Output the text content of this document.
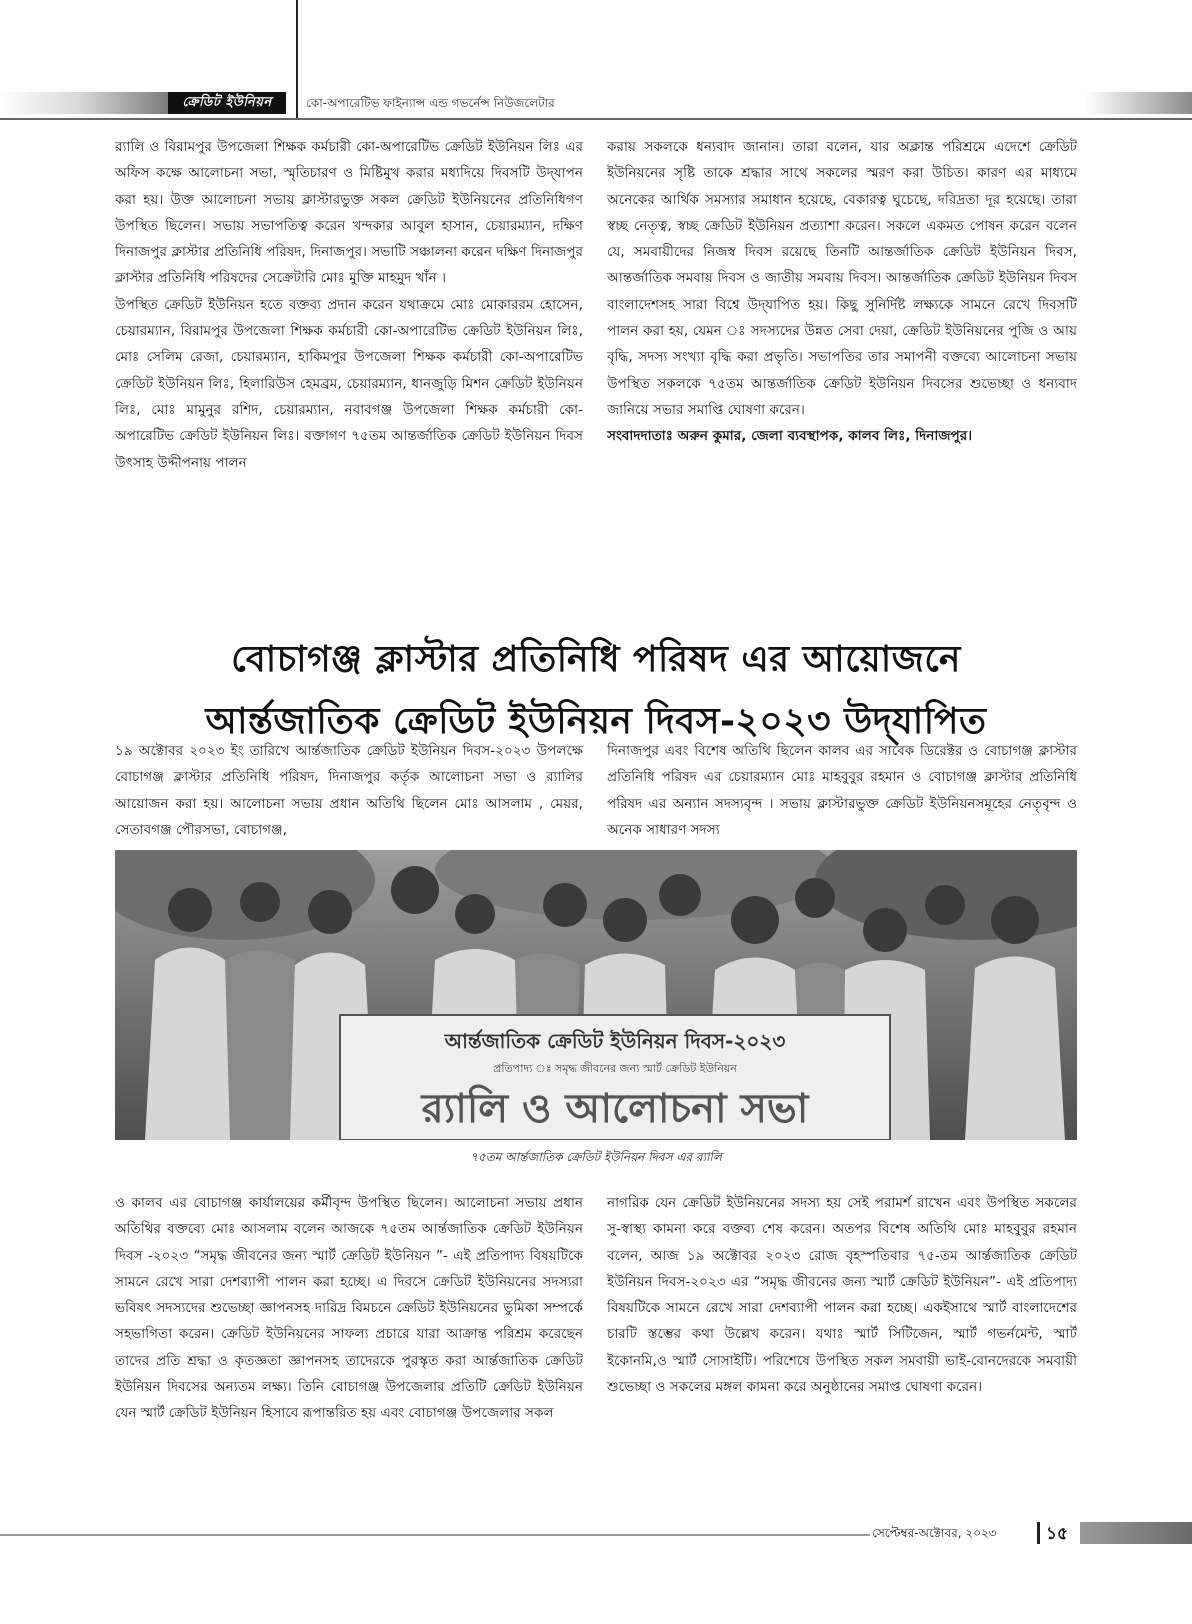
ক্রেডিট ইউনিয়ন	কো-অপারেটিভ ফাইন্যান্স এন্ড গভর্নেন্স নিউজলেটার

র‍্যালি ও বিরামপুর উপজেলা শিক্ষক কর্মচারী কো-অপারেটিভ ক্রেডিট ইউনিয়ন লিঃ এর অফিস কক্ষে আলোচনা সভা, স্মৃতিচারণ ও মিষ্টিমুখ করার মধ্যদিয়ে দিবসটি উদ্‌যাপন করা হয়। উক্ত আলোচনা সভায় ক্লাস্টারভুক্ত সকল ক্রেডিট ইউনিয়নের প্রতিনিধিগণ উপস্থিত ছিলেন। সভায় সভাপতিত্ব করেন খন্দকার আবুল হাসান, চেয়ারম্যান, দক্ষিণ দিনাজপুর ক্লাস্টার প্রতিনিধি পরিষদ, দিনাজপুর। সভাটি সঞ্চালনা করেন দক্ষিণ দিনাজপুর ক্লাস্টার প্রতিনিধি পরিষদের সেক্রেটারি মোঃ মুক্তি মাহমুদ খাঁন ।

উপস্থিত ক্রেডিট ইউনিয়ন হতে বক্তব্য প্রদান করেন যথাক্রমে মোঃ মোকাররম হোসেন, চেয়ারম্যান, বিরামপুর উপজেলা শিক্ষক কর্মচারী কো-অপারেটিভ ক্রেডিট ইউনিয়ন লিঃ, মোঃ সেলিম রেজা, চেয়ারম্যান, হাকিমপুর উপজেলা শিক্ষক কর্মচারী কো-অপারেটিভ ক্রেডিট ইউনিয়ন লিঃ, হিলারিউস হেমব্রম, চেয়ারম্যান, ধানজুড়ি মিশন ক্রেডিট ইউনিয়ন লিঃ, মোঃ মামুনুর রশিদ, চেয়ারম্যান, নবাবগঞ্জ উপজেলা শিক্ষক কর্মচারী কো-অপারেটিভ ক্রেডিট ইউনিয়ন লিঃ। বক্তাগণ ৭৫তম আন্তর্জাতিক ক্রেডিট ইউনিয়ন দিবস উৎসাহ উদ্দীপনায় পালন

করায় সকলকে ধন্যবাদ জানান। তারা বলেন, যার অক্লান্ত পরিশ্রমে এদেশে ক্রেডিট ইউনিয়নের সৃষ্টি তাকে শ্রদ্ধার সাথে সকলের স্মরণ করা উচিত। কারণ এর মাধ্যমে অনেকের আর্থিক সমস্যার সমাধান হয়েছে, বেকারত্ব ঘুচেছে, দরিদ্রতা দূর হয়েছে। তারা স্বচ্ছ নেতৃত্ব, স্বচ্ছ ক্রেডিট ইউনিয়ন প্রত্যাশা করেন। সকলে একমত পোষন করেন বলেন যে, সমবায়ীদের নিজস্ব দিবস রয়েছে তিনটি আন্তর্জাতিক ক্রেডিট ইউনিয়ন দিবস, আন্তর্জাতিক সমবায় দিবস ও জাতীয় সমবায় দিবস। আন্তর্জাতিক ক্রেডিট ইউনিয়ন দিবস বাংলাদেশসহ সারা বিশ্বে উদ্‌যাপিত হয়। কিছু সুনির্দিষ্ট লক্ষ্যকে সামনে রেখে দিবসটি পালন করা হয়, যেমন ঃ সদস্যদের উন্নত সেবা দেয়া, ক্রেডিট ইউনিয়নের পুজি ও আয় বৃদ্ধি, সদস্য সংখ্যা বৃদ্ধি করা প্রভৃতি। সভাপতির তার সমাপনী বক্তব্যে আলোচনা সভায় উপস্থিত সকলকে ৭৫তম আন্তর্জাতিক ক্রেডিট ইউনিয়ন দিবসের শুভেচ্ছা ও ধন্যবাদ জানিয়ে সভার সমাপ্তি ঘোষণা করেন।

সংবাদদাতাঃ অরুন কুমার, জেলা ব্যবস্থাপক, কালব লিঃ, দিনাজপুর।

বোচাগঞ্জ ক্লাস্টার প্রতিনিধি পরিষদ এর আয়োজনে
আর্ন্তজাতিক ক্রেডিট ইউনিয়ন দিবস-২০২৩ উদ্‌যাপিত

১৯ অক্টোবর ২০২৩ ইং তারিখে আর্ন্তজাতিক ক্রেডিট ইউনিয়ন দিবস-২০২৩ উপলক্ষে বোচাগঞ্জ ক্লাস্টার প্রতিনিধি পরিষদ, দিনাজপুর কর্তৃক আলোচনা সভা ও র‍্যালির আয়োজন করা হয়। আলোচনা সভায় প্রধান অতিথি ছিলেন মোঃ আসলাম , মেয়র, সেতাবগঞ্জ পৌরসভা, বোচাগঞ্জ,

দিনাজপুর এবং বিশেষ অতিথি ছিলেন কালব এর সাবেক ডিরেক্টর ও বোচাগঞ্জ ক্লাস্টার প্রতিনিধি পরিষদ এর চেয়ারম্যান মোঃ মাহবুবুর রহমান ও বোচাগঞ্জ ক্লাস্টার প্রতিনিধি পরিষদ এর অন্যান সদস্যবৃন্দ । সভায় ক্লাস্টারভুক্ত ক্রেডিট ইউনিয়নসমূহের নেতৃবৃন্দ ও অনেক সাধারণ সদস্য

আর্ন্তজাতিক ক্রেডিট ইউনিয়ন দিবস-২০২৩
প্রতিপাদ্য ঃ সমৃদ্ধ জীবনের জন্য স্মার্ট ক্রেডিট ইউনিয়ন
র‍্যালি ও আলোচনা সভা
৭৫তম আর্ন্তজাতিক ক্রেডিট ইউনিয়ন দিবস এর র‍্যালি

ও কালব এর বোচাগঞ্জ কার্যালয়ের কর্মীবৃন্দ উপস্থিত ছিলেন। আলোচনা সভায় প্রধান অতিথির বক্তব্যে মোঃ আসলাম বলেন আজকে ৭৫তম আর্ন্তজাতিক ক্রেডিট ইউনিয়ন দিবস -২০২৩ “সমৃদ্ধ জীবনের জন্য স্মার্ট ক্রেডিট ইউনিয়ন ”- এই প্রতিপাদ্য বিষয়টিকে সামনে রেখে সারা দেশব্যাপী পালন করা হচ্ছে। এ দিবসে ক্রেডিট ইউনিয়নের সদস্যরা ভবিষৎ সদস্যদের শুভেচ্ছা জ্ঞাপনসহ দারিদ্র বিমচনে ক্রেডিট ইউনিয়নের ভুমিকা সম্পর্কে সহভাগিতা করেন। ক্রেডিট ইউনিয়নের সাফল্য প্রচারে যারা আক্রান্ত পরিশ্রম করেছেন তাদের প্রতি শ্রদ্ধা ও কৃতজ্ঞতা জ্ঞাপনসহ তাদেরকে পুরস্কৃত করা আর্ন্তজাতিক ক্রেডিট ইউনিয়ন দিবসের অন্যতম লক্ষ্য। তিনি বোচাগঞ্জ উপজেলার প্রতিটি ক্রেডিট ইউনিয়ন যেন স্মার্ট ক্রেডিট ইউনিয়ন হিসাবে রূপান্তরিত হয় এবং বোচাগঞ্জ উপজেলার সকল

নাগরিক যেন ক্রেডিট ইউনিয়নের সদস্য হয় সেই পরামর্শ রাখেন এবং উপস্থিত সকলের সু-স্বাস্থ্য কামনা করে বক্তব্য শেষ করেন। অতপর বিশেষ অতিথি মোঃ মাহবুবুর রহমান বলেন, আজ ১৯ অক্টোবর ২০২৩ রোজ বৃহস্পতিবার ৭৫-তম আর্ন্তজাতিক ক্রেডিট ইউনিয়ন দিবস-২০২৩ এর “সমৃদ্ধ জীবনের জন্য স্মার্ট ক্রেডিট ইউনিয়ন”- এই প্রতিপাদ্য বিষয়টিকে সামনে রেখে সারা দেশব্যাপী পালন করা হচ্ছে। একইসাথে স্মার্ট বাংলাদেশের চারটি স্তম্ভের কথা উল্লেখ করেন। যথাঃ স্মার্ট সিটিজেন, স্মার্ট গভর্নমেন্ট, স্মার্ট ইকোনমি,ও স্মার্ট সোসাইটি। পরিশেষে উপস্থিত সকল সমবায়ী ভাই-বোনদেরকে সমবায়ী শুভেচ্ছা ও সকলের মঙ্গল কামনা করে অনুষ্ঠানের সমাপ্ত ঘোষণা করেন।

সেপ্টেম্বর-অক্টোবর, ২০২৩	১৫
